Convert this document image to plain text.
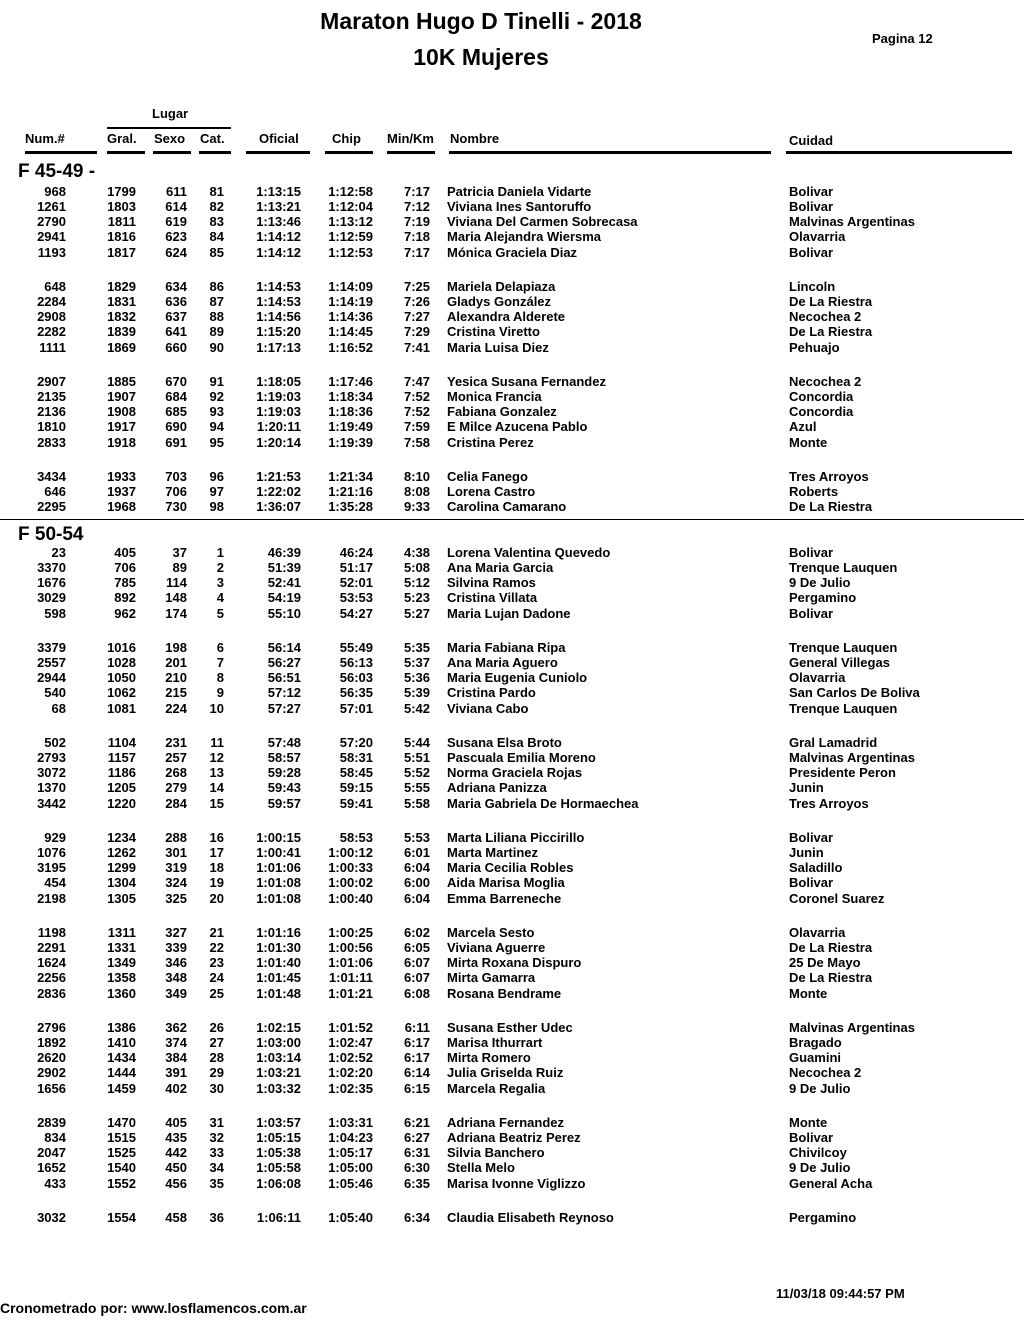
Maraton Hugo D Tinelli - 2018
10K Mujeres
Pagina 12
Lugar
Num.#	Gral. Sexo Cat.	Oficial	Chip Min/Km Nombre	Cuidad
F 45-49 -
968	1799 611 81 1:13:15 1:12:58 7:17 Patricia Daniela Vidarte	Bolivar
1261	1803 614 82 1:13:21 1:12:04 7:12 Viviana Ines Santoruffo	Bolivar
2790	1811 619 83 1:13:46 1:13:12 7:19 Viviana Del Carmen Sobrecasa	Malvinas Argentinas
2941	1816 623 84 1:14:12 1:12:59 7:18 Maria Alejandra Wiersma	Olavarria
1193	1817 624 85 1:14:12 1:12:53 7:17 Mónica Graciela Diaz	Bolivar
648	1829 634 86 1:14:53 1:14:09 7:25 Mariela Delapiaza	Lincoln
2284	1831 636 87 1:14:53 1:14:19 7:26 Gladys González	De La Riestra
2908	1832 637 88 1:14:56 1:14:36 7:27 Alexandra Alderete	Necochea 2
2282	1839 641 89 1:15:20 1:14:45 7:29 Cristina Viretto	De La Riestra
1111	1869 660 90 1:17:13 1:16:52 7:41 Maria Luisa Diez	Pehuajo
2907	1885 670 91 1:18:05 1:17:46 7:47 Yesica Susana Fernandez	Necochea 2
2135	1907 684 92 1:19:03 1:18:34 7:52 Monica Francia	Concordia
2136	1908 685 93 1:19:03 1:18:36 7:52 Fabiana Gonzalez	Concordia
1810	1917 690 94	1:20:11 1:19:49 7:59 E Milce Azucena Pablo	Azul
2833	1918 691 95 1:20:14 1:19:39 7:58 Cristina Perez	Monte
3434	1933 703 96 1:21:53 1:21:34 8:10 Celia Fanego	Tres Arroyos
646	1937 706 97 1:22:02 1:21:16 8:08 Lorena Castro	Roberts
2295	1968 730 98 1:36:07 1:35:28 9:33 Carolina Camarano	De La Riestra
F 50-54
23	405	37 1	46:39	46:24 4:38 Lorena Valentina Quevedo	Bolivar
3370	706	89 2	51:39	51:17 5:08 Ana Maria Garcia	Trenque Lauquen
1676	785 114 3	52:41	52:01 5:12 Silvina Ramos	9 De Julio
3029	892 148 4	54:19	53:53 5:23 Cristina Villata	Pergamino
598	962 174 5	55:10	54:27 5:27 Maria Lujan Dadone	Bolivar
3379	1016 198 6	56:14	55:49 5:35 Maria Fabiana Ripa	Trenque Lauquen
2557	1028 201 7	56:27	56:13 5:37 Ana Maria Aguero	General Villegas
2944	1050 210 8	56:51	56:03 5:36 Maria Eugenia Cuniolo	Olavarria
540	1062 215 9	57:12	56:35 5:39 Cristina Pardo	San Carlos De Boliva
68	1081 224 10	57:27	57:01 5:42 Viviana Cabo	Trenque Lauquen
502	1104 231 11	57:48	57:20 5:44 Susana Elsa Broto	Gral Lamadrid
2793	1157 257 12	58:57	58:31 5:51 Pascuala Emilia Moreno	Malvinas Argentinas
3072	1186 268 13	59:28	58:45 5:52 Norma Graciela Rojas	Presidente Peron
1370	1205 279 14	59:43	59:15 5:55 Adriana Panizza	Junin
3442	1220 284 15	59:57	59:41 5:58 Maria Gabriela De Hormaechea	Tres Arroyos
929	1234 288 16 1:00:15	58:53 5:53 Marta Liliana Piccirillo	Bolivar
1076	1262 301 17 1:00:41 1:00:12 6:01 Marta Martinez	Junin
3195	1299 319 18 1:01:06 1:00:33 6:04 Maria Cecilia Robles	Saladillo
454	1304 324 19 1:01:08 1:00:02 6:00 Aida Marisa Moglia	Bolivar
2198	1305 325 20 1:01:08 1:00:40 6:04 Emma Barreneche	Coronel Suarez
1198	1311 327 21 1:01:16 1:00:25 6:02 Marcela Sesto	Olavarria
2291	1331 339 22 1:01:30 1:00:56 6:05 Viviana Aguerre	De La Riestra
1624	1349 346 23 1:01:40 1:01:06 6:07 Mirta Roxana Dispuro	25 De Mayo
2256	1358 348 24 1:01:45 1:01:11 6:07 Mirta Gamarra	De La Riestra
2836	1360 349 25 1:01:48 1:01:21 6:08 Rosana Bendrame	Monte
2796	1386 362 26 1:02:15 1:01:52 6:11 Susana Esther Udec	Malvinas Argentinas
1892	1410 374 27 1:03:00 1:02:47 6:17 Marisa Ithurrart	Bragado
2620	1434 384 28 1:03:14 1:02:52 6:17 Mirta Romero	Guamini
2902	1444 391 29 1:03:21 1:02:20 6:14 Julia Griselda Ruiz	Necochea 2
1656	1459 402 30 1:03:32 1:02:35 6:15 Marcela Regalia	9 De Julio
2839	1470 405 31 1:03:57 1:03:31 6:21 Adriana Fernandez	Monte
834	1515 435 32 1:05:15 1:04:23 6:27 Adriana Beatriz Perez	Bolivar
2047	1525 442 33 1:05:38 1:05:17 6:31 Silvia Banchero	Chivilcoy
1652	1540 450 34 1:05:58 1:05:00 6:30 Stella Melo	9 De Julio
433	1552 456 35 1:06:08 1:05:46 6:35 Marisa Ivonne Viglizzo	General Acha
3032	1554 458 36	1:06:11 1:05:40 6:34 Claudia Elisabeth Reynoso	Pergamino
Cronometrado por: www.losflamencos.com.ar
11/03/18 09:44:57 PM
